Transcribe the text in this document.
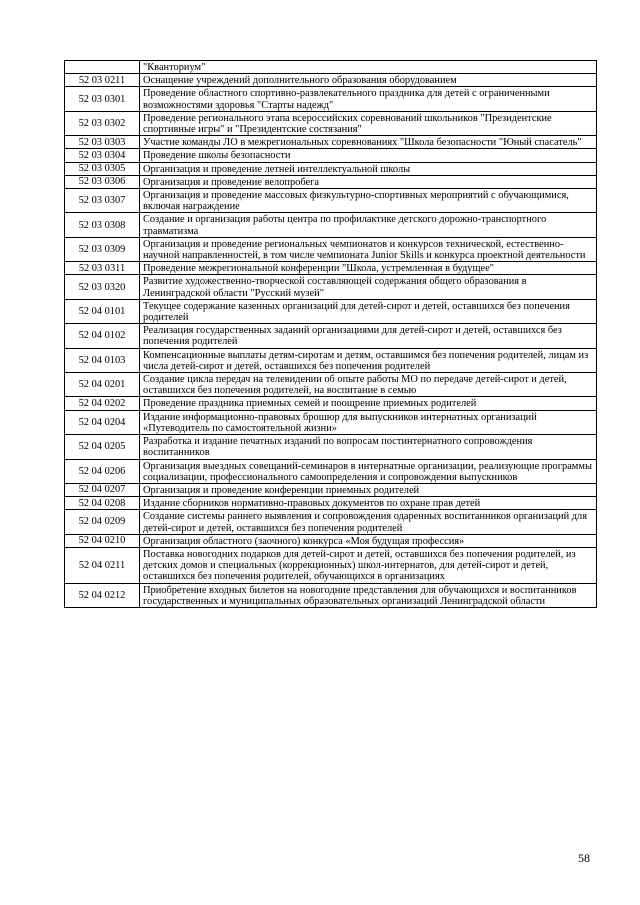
	"Кванториум"
52 03 0211	Оснащение учреждений дополнительного образования оборудованием
52 03 0301	Проведение областного спортивно-развлекательного праздника для детей с ограниченными возможностями здоровья "Старты надежд"
52 03 0302	Проведение регионального этапа всероссийских соревнований школьников "Президентские спортивные игры" и "Президентские состязания"
52 03 0303	Участие команды ЛО в межрегиональных соревнованиях "Школа безопасности "Юный спасатель"
52 03 0304	Проведение школы безопасности
52 03 0305	Организация и проведение летней интеллектуальной школы
52 03 0306	Организация и проведение велопробега
52 03 0307	Организация и проведение массовых физкультурно-спортивных мероприятий с обучающимися, включая награждение
52 03 0308	Создание и организация работы центра по профилактике детского дорожно-транспортного травматизма
52 03 0309	Организация и проведение региональных чемпионатов и конкурсов технической, естественно-научной направленностей, в том числе чемпионата Junior Skills и конкурса проектной деятельности
52 03 0311	Проведение межрегиональной конференции "Школа, устремленная в будущее"
52 03 0320	Развитие художественно-творческой составляющей содержания общего образования в Ленинградской области "Русский музей"
52 04 0101	Текущее содержание казенных организаций для детей-сирот и детей, оставшихся без попечения родителей
52 04 0102	Реализация государственных заданий организациями для детей-сирот и детей, оставшихся без попечения родителей
52 04 0103	Компенсационные выплаты детям-сиротам и детям, оставшимся без попечения родителей, лицам из числа детей-сирот и детей, оставшихся без попечения родителей
52 04 0201	Создание цикла передач на телевидении об опыте работы МО по передаче детей-сирот и детей, оставшихся без попечения родителей, на воспитание в семью
52 04 0202	Проведение праздника приемных семей и поощрение приемных родителей
52 04 0204	Издание информационно-правовых брошюр для выпускников интернатных организаций «Путеводитель по самостоятельной жизни»
52 04 0205	Разработка и издание печатных изданий по вопросам постинтернатного сопровождения воспитанников
52 04 0206	Организация выездных совещаний-семинаров в интернатные организации, реализующие программы социализации, профессионального самоопределения и сопровождения выпускников
52 04 0207	Организация и проведение конференции приемных родителей
52 04 0208	Издание сборников нормативно-правовых документов по охране прав детей
52 04 0209	Создание системы раннего выявления и сопровождения одаренных воспитанников организаций для детей-сирот и детей, оставшихся без попечения родителей
52 04 0210	Организация областного (заочного) конкурса «Моя будущая профессия»
52 04 0211	Поставка новогодних подарков для детей-сирот и детей, оставшихся без попечения родителей, из детских домов и специальных (коррекционных) школ-интернатов, для детей-сирот и детей, оставшихся без попечения родителей, обучающихся в организациях
52 04 0212	Приобретение входных билетов на новогодние представления для обучающихся и воспитанников государственных и муниципальных образовательных организаций Ленинградской области
58
